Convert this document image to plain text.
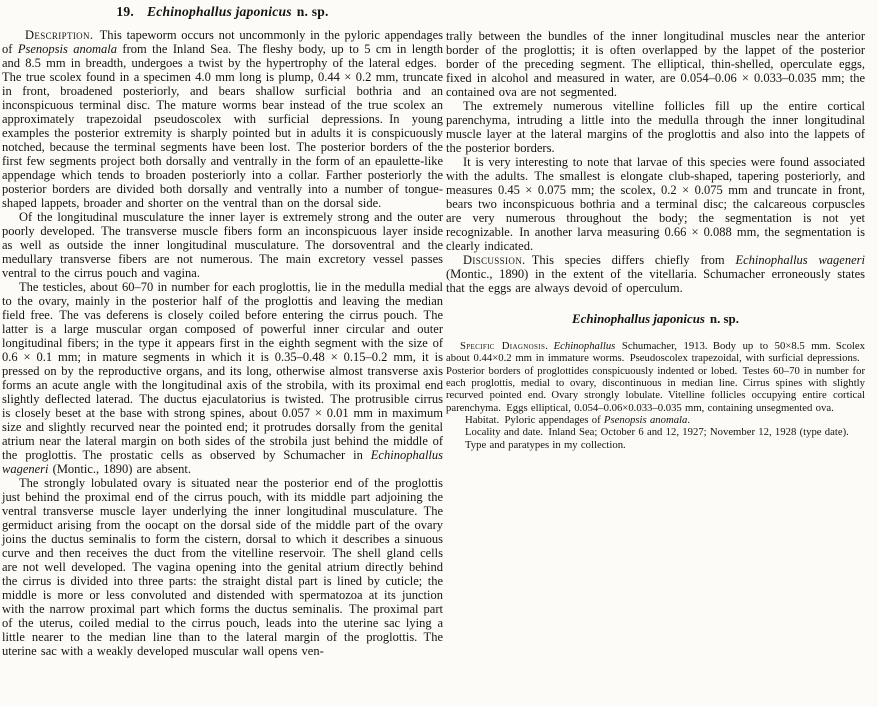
19. Echinophallus japonicus n. sp.

Description. This tapeworm occurs not uncommonly in the pyloric appendages of Psenopsis anomala from the Inland Sea. The fleshy body, up to 5 cm in length and 8.5 mm in breadth, undergoes a twist by the hypertrophy of the lateral edges. The true scolex found in a specimen 4.0 mm long is plump, 0.44 × 0.2 mm, truncate in front, broadened posteriorly, and bears shallow surficial bothria and an inconspicuous terminal disc. The mature worms bear instead of the true scolex an approximately trapezoidal pseudoscolex with surficial depressions. In young examples the posterior extremity is sharply pointed but in adults it is conspicuously notched, because the terminal segments have been lost. The posterior borders of the first few segments project both dorsally and ventrally in the form of an epaulette-like appendage which tends to broaden posteriorly into a collar. Farther posteriorly the posterior borders are divided both dorsally and ventrally into a number of tongue-shaped lappets, broader and shorter on the ventral than on the dorsal side.

Of the longitudinal musculature the inner layer is extremely strong and the outer poorly developed. The transverse muscle fibers form an inconspicuous layer inside as well as outside the inner longitudinal musculature. The dorsoventral and the medullary transverse fibers are not numerous. The main excretory vessel passes ventral to the cirrus pouch and vagina.

The testicles, about 60–70 in number for each proglottis, lie in the medulla medial to the ovary, mainly in the posterior half of the proglottis and leaving the median field free. The vas deferens is closely coiled before entering the cirrus pouch. The latter is a large muscular organ composed of powerful inner circular and outer longitudinal fibers; in the type it appears first in the eighth segment with the size of 0.6 × 0.1 mm; in mature segments in which it is 0.35–0.48 × 0.15–0.2 mm, it is pressed on by the reproductive organs, and its long, otherwise almost transverse axis forms an acute angle with the longitudinal axis of the strobila, with its proximal end slightly deflected laterad. The ductus ejaculatorius is twisted. The protrusible cirrus is closely beset at the base with strong spines, about 0.057 × 0.01 mm in maximum size and slightly recurved near the pointed end; it protrudes dorsally from the genital atrium near the lateral margin on both sides of the strobila just behind the middle of the proglottis. The prostatic cells as observed by Schumacher in Echinophallus wageneri (Montic., 1890) are absent.

The strongly lobulated ovary is situated near the posterior end of the proglottis just behind the proximal end of the cirrus pouch, with its middle part adjoining the ventral transverse muscle layer underlying the inner longitudinal musculature. The germiduct arising from the oocapt on the dorsal side of the middle part of the ovary joins the ductus seminalis to form the cistern, dorsal to which it describes a sinuous curve and then receives the duct from the vitelline reservoir. The shell gland cells are not well developed. The vagina opening into the genital atrium directly behind the cirrus is divided into three parts: the straight distal part is lined by cuticle; the middle is more or less convoluted and distended with spermatozoa at its junction with the narrow proximal part which forms the ductus seminalis. The proximal part of the uterus, coiled medial to the cirrus pouch, leads into the uterine sac lying a little nearer to the median line than to the lateral margin of the proglottis. The uterine sac with a weakly developed muscular wall opens ven-

trally between the bundles of the inner longitudinal muscles near the anterior border of the proglottis; it is often overlapped by the lappet of the posterior border of the preceding segment. The elliptical, thin-shelled, operculate eggs, fixed in alcohol and measured in water, are 0.054–0.06 × 0.033–0.035 mm; the contained ova are not segmented.

The extremely numerous vitelline follicles fill up the entire cortical parenchyma, intruding a little into the medulla through the inner longitudinal muscle layer at the lateral margins of the proglottis and also into the lappets of the posterior borders.

It is very interesting to note that larvae of this species were found associated with the adults. The smallest is elongate club-shaped, tapering posteriorly, and measures 0.45 × 0.075 mm; the scolex, 0.2 × 0.075 mm and truncate in front, bears two inconspicuous bothria and a terminal disc; the calcareous corpuscles are very numerous throughout the body; the segmentation is not yet recognizable. In another larva measuring 0.66 × 0.088 mm, the segmentation is clearly indicated.

Discussion. This species differs chiefly from Echinophallus wageneri (Montic., 1890) in the extent of the vitellaria. Schumacher erroneously states that the eggs are always devoid of operculum.

Echinophallus japonicus n. sp.

Specific Diagnosis.  Echinophallus Schumacher, 1913. Body up to 50×8.5 mm. Scolex about 0.44×0.2 mm in immature worms. Pseudoscolex trapezoidal, with surficial depressions. Posterior borders of proglottides conspicuously indented or lobed. Testes 60–70 in number for each proglottis, medial to ovary, discontinuous in median line. Cirrus spines with slightly recurved pointed end. Ovary strongly lobulate. Vitelline follicles occupying entire cortical parenchyma. Eggs elliptical, 0.054–0.06×0.033–0.035 mm, containing unsegmented ova.

Habitat. Pyloric appendages of Psenopsis anomala.

Locality and date. Inland Sea; October 6 and 12, 1927; November 12, 1928 (type date).

Type and paratypes in my collection.
